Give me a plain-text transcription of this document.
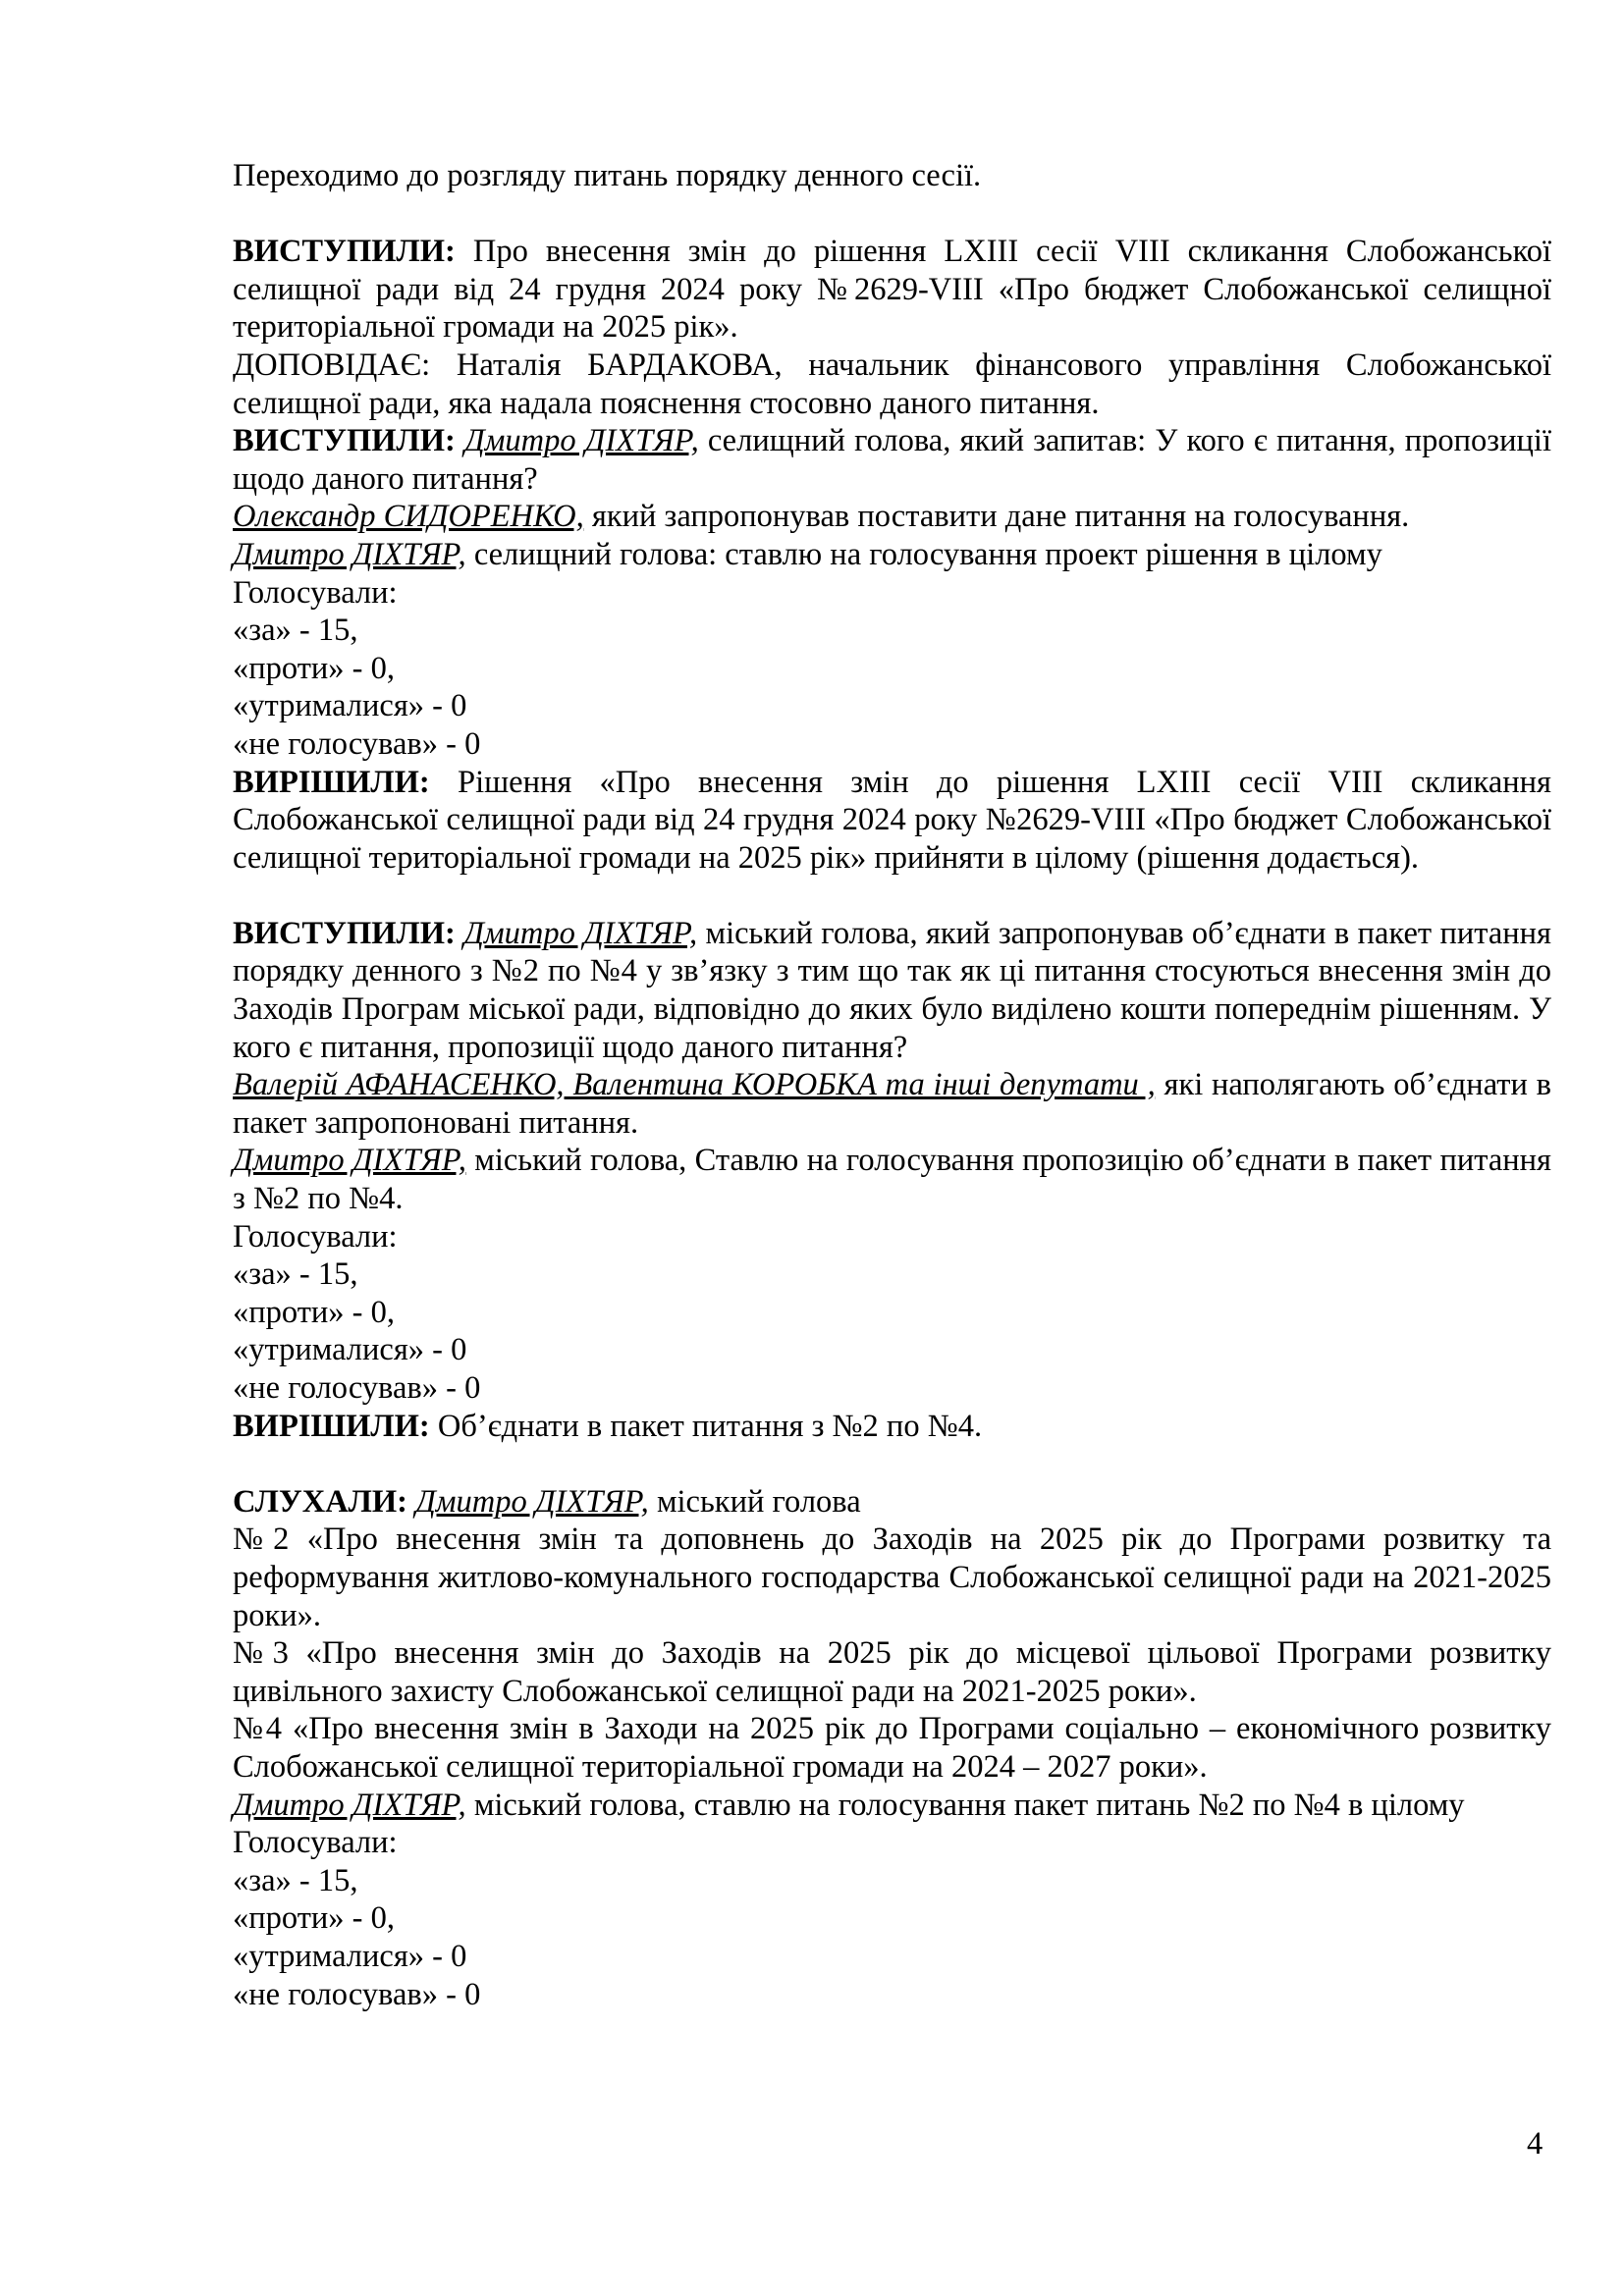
Переходимо до розгляду питань порядку денного сесії.

ВИСТУПИЛИ: Про внесення змін до рішення LXIII сесії VIII скликання Слобожанської селищної ради від 24 грудня 2024 року №2629-VIII «Про бюджет Слобожанської селищної територіальної громади на 2025 рік».

ДОПОВІДАЄ: Наталія БАРДАКОВА, начальник фінансового управління Слобожанської селищної ради, яка надала пояснення стосовно даного питання.

ВИСТУПИЛИ: Дмитро ДІХТЯР, селищний голова, який запитав: У кого є питання, пропозиції щодо даного питання?

Олександр СИДОРЕНКО, який запропонував поставити дане питання на голосування.

Дмитро ДІХТЯР, селищний голова: ставлю на голосування проект рішення в цілому

Голосували:

«за» - 15,

«проти» - 0,

«утрималися» - 0

«не голосував» - 0

ВИРІШИЛИ: Рішення «Про внесення змін до рішення LXIII сесії VIII скликання Слобожанської селищної ради від 24 грудня 2024 року №2629-VIII «Про бюджет Слобожанської селищної територіальної громади на 2025 рік» прийняти в цілому (рішення додається).

ВИСТУПИЛИ: Дмитро ДІХТЯР, міський голова, який запропонував об’єднати в пакет питання порядку денного з №2 по №4 у зв’язку з тим що так як ці питання стосуються внесення змін до Заходів Програм міської ради, відповідно до яких було виділено кошти попереднім рішенням. У кого є питання, пропозиції щодо даного питання?

Валерій АФАНАСЕНКО, Валентина КОРОБКА та інші депутати , які наполягають об’єднати в пакет запропоновані питання.

Дмитро ДІХТЯР, міський голова, Ставлю на голосування пропозицію об’єднати в пакет питання з №2 по №4.

Голосували:

«за» - 15,

«проти» - 0,

«утрималися» - 0

«не голосував» - 0

ВИРІШИЛИ: Об’єднати в пакет питання з №2 по №4.

СЛУХАЛИ: Дмитро ДІХТЯР, міський голова

№2 «Про внесення змін та доповнень до Заходів на 2025 рік до Програми розвитку та реформування житлово-комунального господарства Слобожанської селищної ради на 2021-2025 роки».

№3 «Про внесення змін до Заходів на 2025 рік до місцевої цільової Програми розвитку цивільного захисту Слобожанської селищної ради на 2021-2025 роки».

№4 «Про внесення змін в Заходи на 2025 рік до Програми соціально – економічного розвитку Слобожанської селищної територіальної громади на 2024 – 2027 роки».

Дмитро ДІХТЯР, міський голова, ставлю на голосування пакет питань №2 по №4 в цілому

Голосували:

«за» - 15,

«проти» - 0,

«утрималися» - 0

«не голосував» - 0

4
